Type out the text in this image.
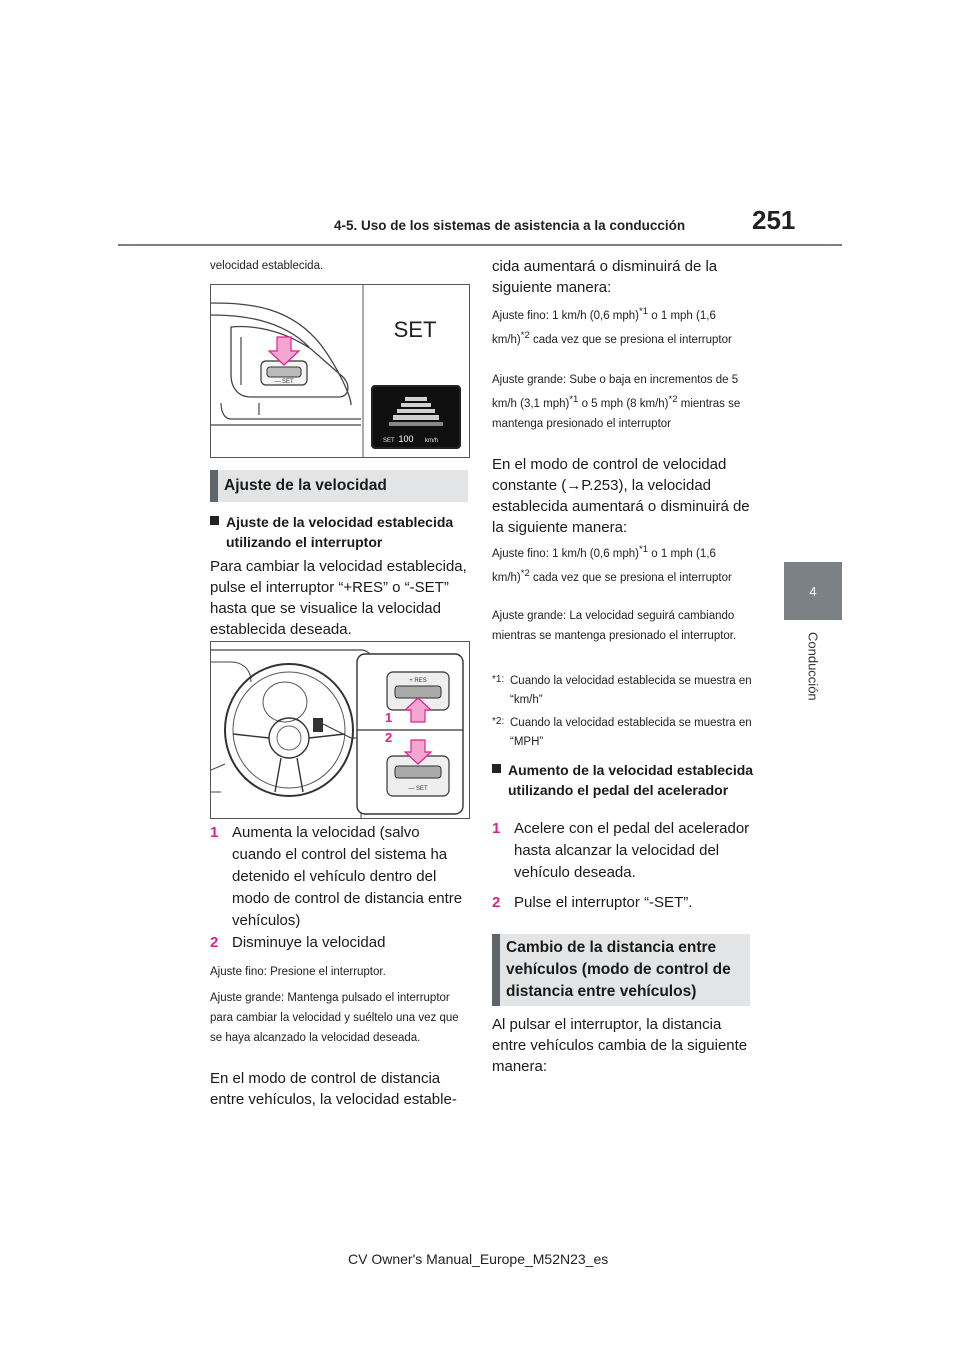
4-5. Uso de los sistemas de asistencia a la conducción	251
4
Conducción
velocidad establecida.
— SET
SET
SET 100 km/h
Ajuste de la velocidad
Ajuste de la velocidad establecida utilizando el interruptor
Para cambiar la velocidad establecida, pulse el interruptor “+RES” o “-SET” hasta que se visualice la velocidad establecida deseada.
+ RES
1
2
— SET
1 Aumenta la velocidad (salvo cuando el control del sistema ha detenido el vehículo dentro del modo de control de distancia entre vehículos)
2 Disminuye la velocidad
Ajuste fino: Presione el interruptor.
Ajuste grande: Mantenga pulsado el interruptor para cambiar la velocidad y suéltelo una vez que se haya alcanzado la velocidad deseada.
En el modo de control de distancia entre vehículos, la velocidad estable-
cida aumentará o disminuirá de la siguiente manera:
Ajuste fino: 1 km/h (0,6 mph)$^{*1}$ o 1 mph (1,6 km/h)$^{*2}$ cada vez que se presiona el interruptor
Ajuste grande: Sube o baja en incrementos de 5 km/h (3,1 mph)$^{*1}$ o 5 mph (8 km/h)$^{*2}$ mientras se mantenga presionado el interruptor
En el modo de control de velocidad constante (→P.253), la velocidad establecida aumentará o disminuirá de la siguiente manera:
Ajuste fino: 1 km/h (0,6 mph)$^{*1}$ o 1 mph (1,6 km/h)$^{*2}$ cada vez que se presiona el interruptor
Ajuste grande: La velocidad seguirá cambiando mientras se mantenga presionado el interruptor.
*1: Cuando la velocidad establecida se muestra en “km/h”
*2: Cuando la velocidad establecida se muestra en “MPH”
Aumento de la velocidad establecida utilizando el pedal del acelerador
1 Acelere con el pedal del acelerador hasta alcanzar la velocidad del vehículo deseada.
2 Pulse el interruptor “-SET”.
Cambio de la distancia entre vehículos (modo de control de distancia entre vehículos)
Al pulsar el interruptor, la distancia entre vehículos cambia de la siguiente manera:
CV Owner's Manual_Europe_M52N23_es
